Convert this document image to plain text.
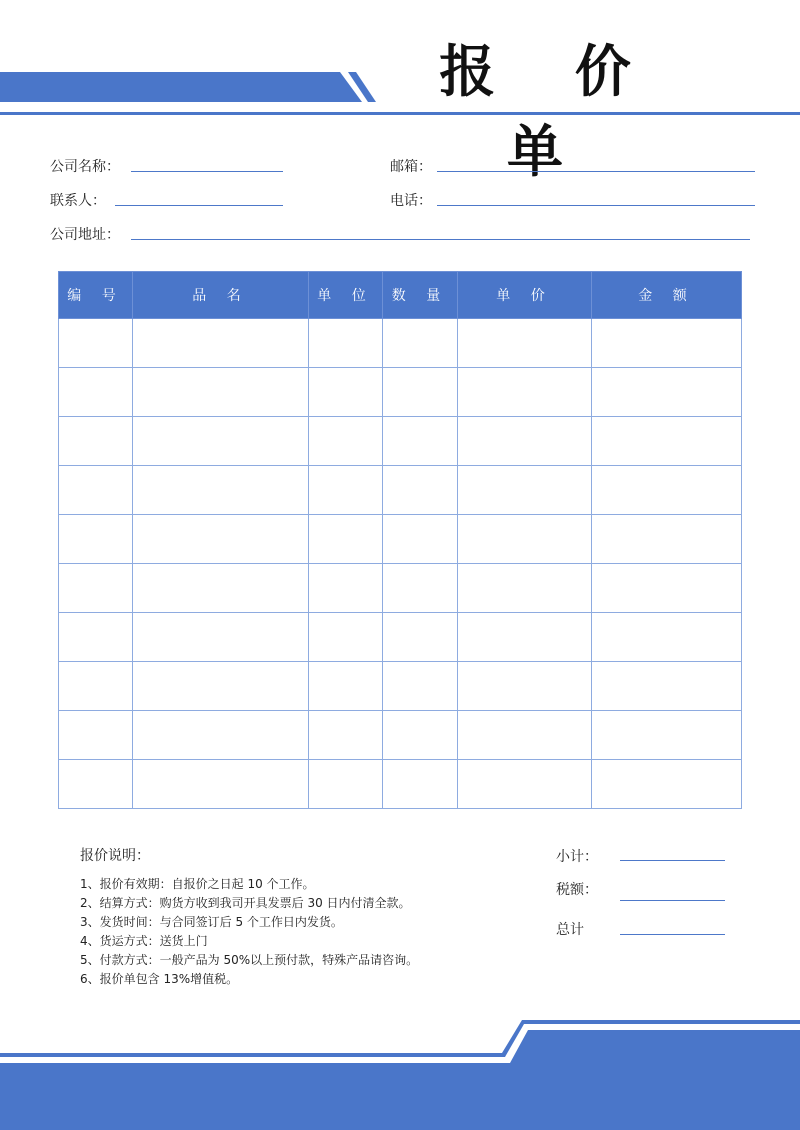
报 价 单
公司名称：	邮箱：
联系人：	电话：
公司地址：
编 号	品 名	单 位	数 量	单 价	金 额

报价说明：
1、报价有效期：自报价之日起 10 个工作。
2、结算方式：购货方收到我司开具发票后 30 日内付清全款。
3、发货时间：与合同签订后 5 个工作日内发货。
4、货运方式：送货上门
5、付款方式：一般产品为 50%以上预付款，特殊产品请咨询。
6、报价单包含 13%增值税。
小计：
税额：
总计
